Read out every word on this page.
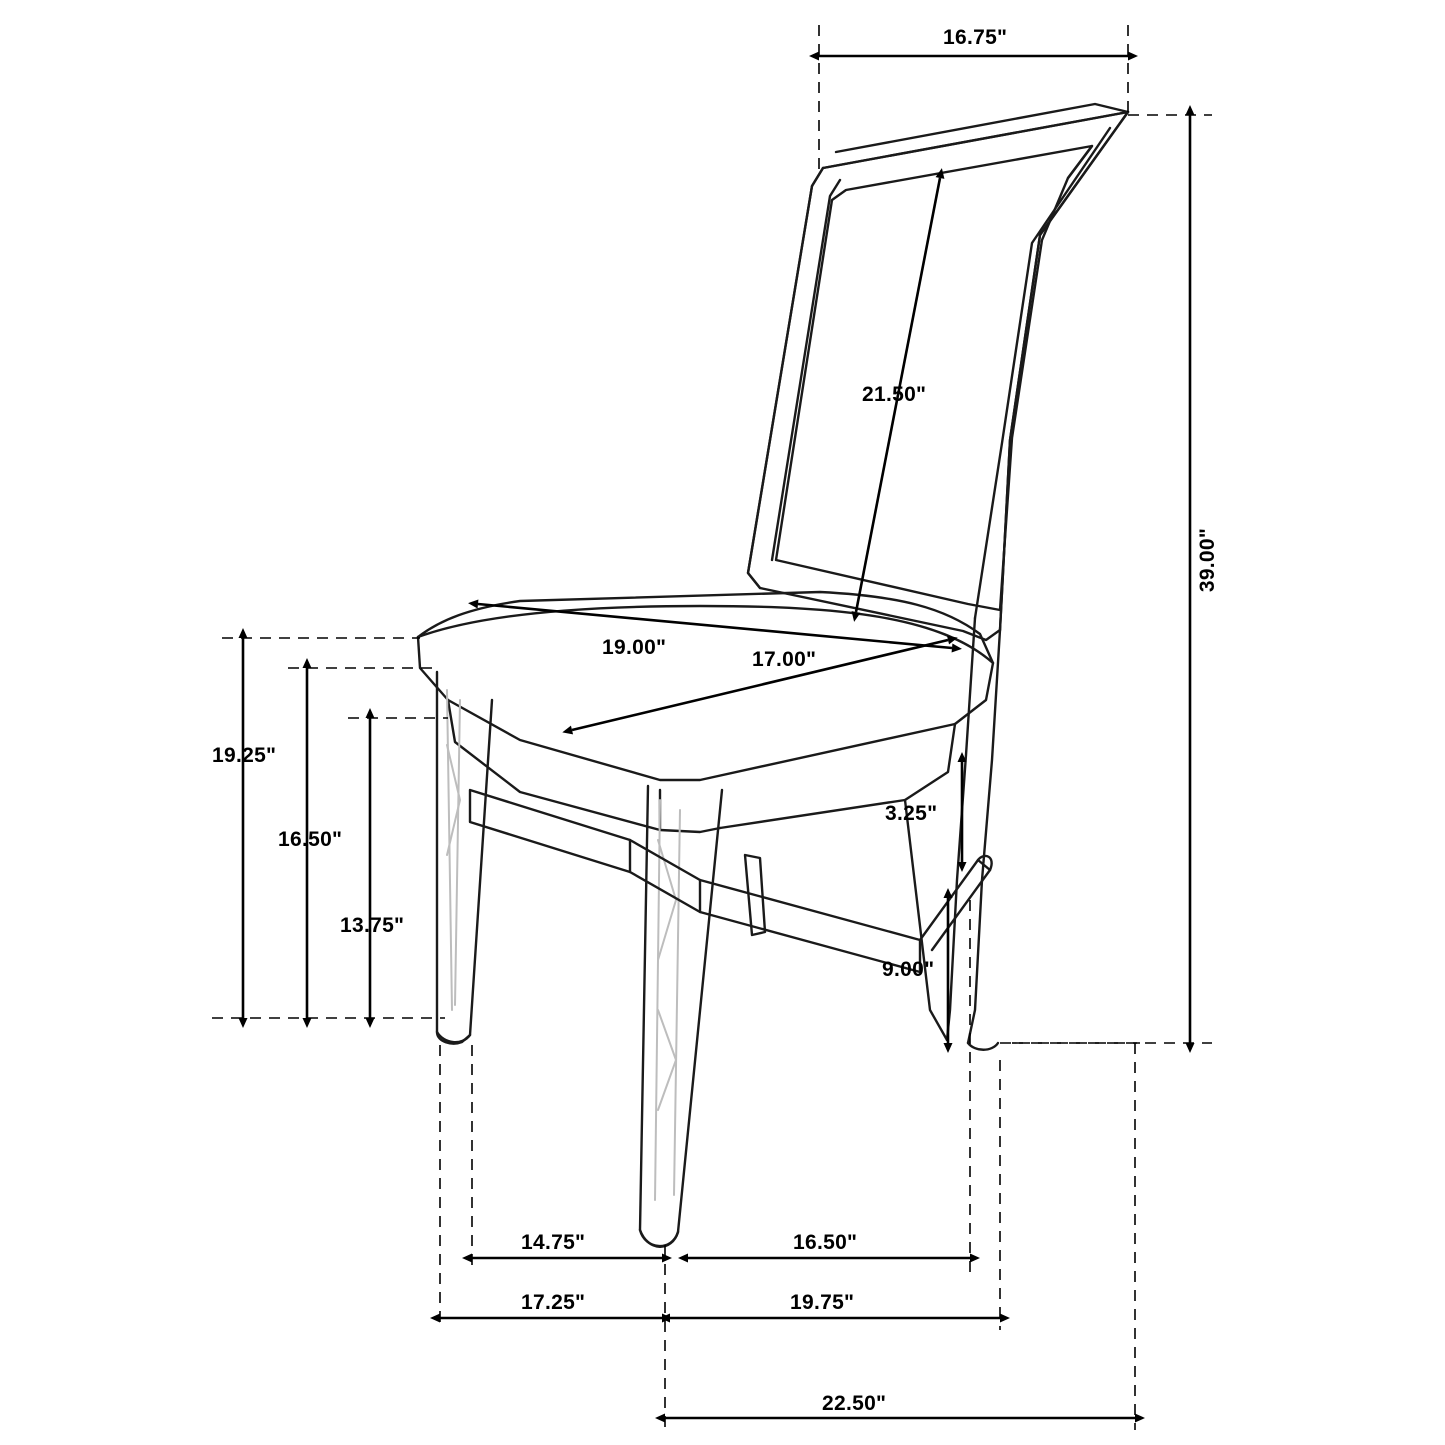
16.75"
39.00"
21.50"
19.00"
17.00"
19.25"
16.50"
13.75"
3.25"
9.00"
14.75"	16.50"
17.25"	19.75"
22.50"
